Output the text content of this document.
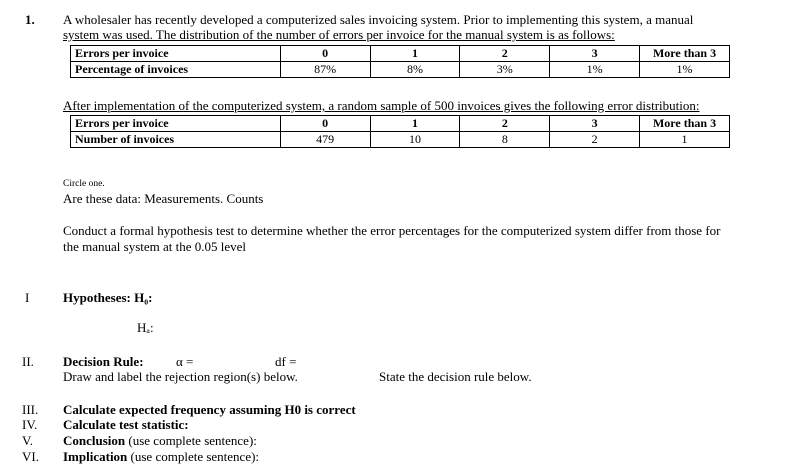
1. A wholesaler has recently developed a computerized sales invoicing system. Prior to implementing this system, a manual
system was used. The distribution of the number of errors per invoice for the manual system is as follows:
Errors per invoice	0	1	2	3	More than 3
Percentage of invoices	87%	8%	3%	1%	1%
After implementation of the computerized system, a random sample of 500 invoices gives the following error distribution:
Errors per invoice	0	1	2	3	More than 3
Number of invoices	479	10	8	2	1
Circle one.
Are these data: Measurements. Counts
Conduct a formal hypothesis test to determine whether the error percentages for the computerized system differ from those for
the manual system at the 0.05 level
I	Hypotheses: H₀:
Hₐ:
II. Decision Rule: α =	df =
Draw and label the rejection region(s) below.	State the decision rule below.
III. Calculate expected frequency assuming H0 is correct
IV. Calculate test statistic:
V. Conclusion (use complete sentence):
VI. Implication (use complete sentence):
